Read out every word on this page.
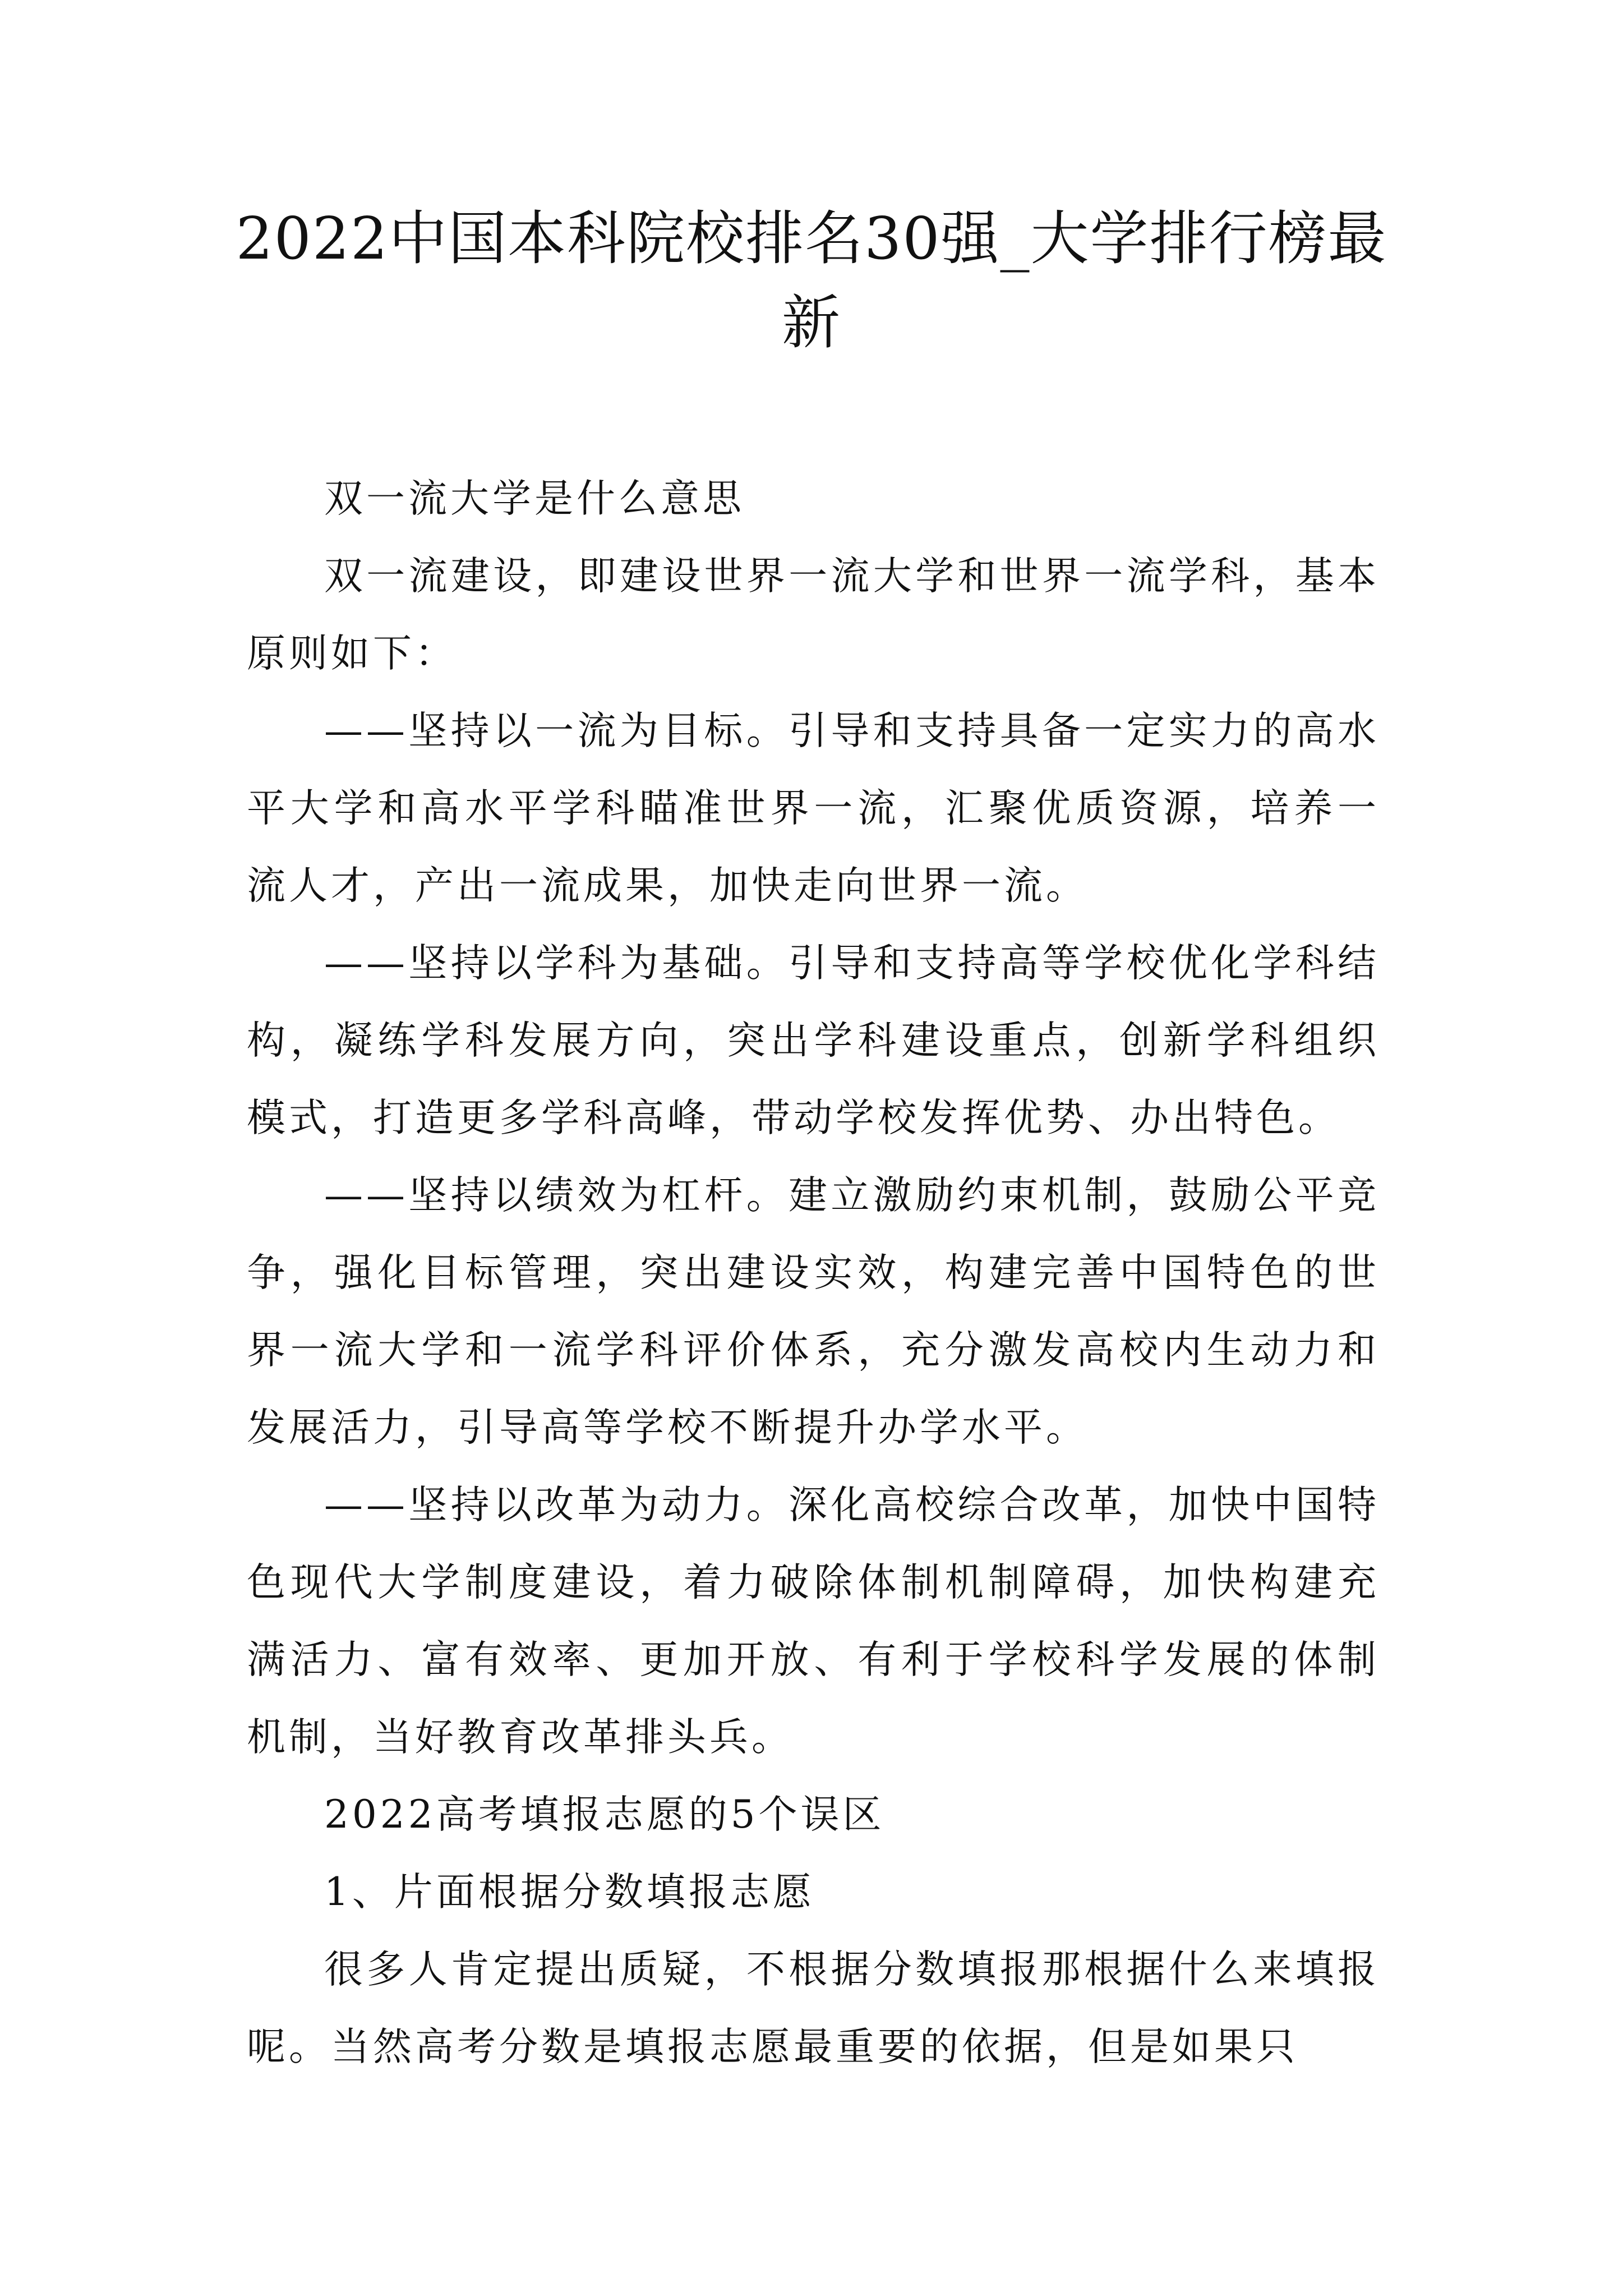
2022中国本科院校排名30强_大学排行榜最新

双一流大学是什么意思

双一流建设，即建设世界一流大学和世界一流学科，基本原则如下：

——坚持以一流为目标。引导和支持具备一定实力的高水平大学和高水平学科瞄准世界一流，汇聚优质资源，培养一流人才，产出一流成果，加快走向世界一流。

——坚持以学科为基础。引导和支持高等学校优化学科结构，凝练学科发展方向，突出学科建设重点，创新学科组织模式，打造更多学科高峰，带动学校发挥优势、办出特色。

——坚持以绩效为杠杆。建立激励约束机制，鼓励公平竞争，强化目标管理，突出建设实效，构建完善中国特色的世界一流大学和一流学科评价体系，充分激发高校内生动力和发展活力，引导高等学校不断提升办学水平。

——坚持以改革为动力。深化高校综合改革，加快中国特色现代大学制度建设，着力破除体制机制障碍，加快构建充满活力、富有效率、更加开放、有利于学校科学发展的体制机制，当好教育改革排头兵。

2022高考填报志愿的5个误区

1、片面根据分数填报志愿

很多人肯定提出质疑，不根据分数填报那根据什么来填报呢。当然高考分数是填报志愿最重要的依据，但是如果只
